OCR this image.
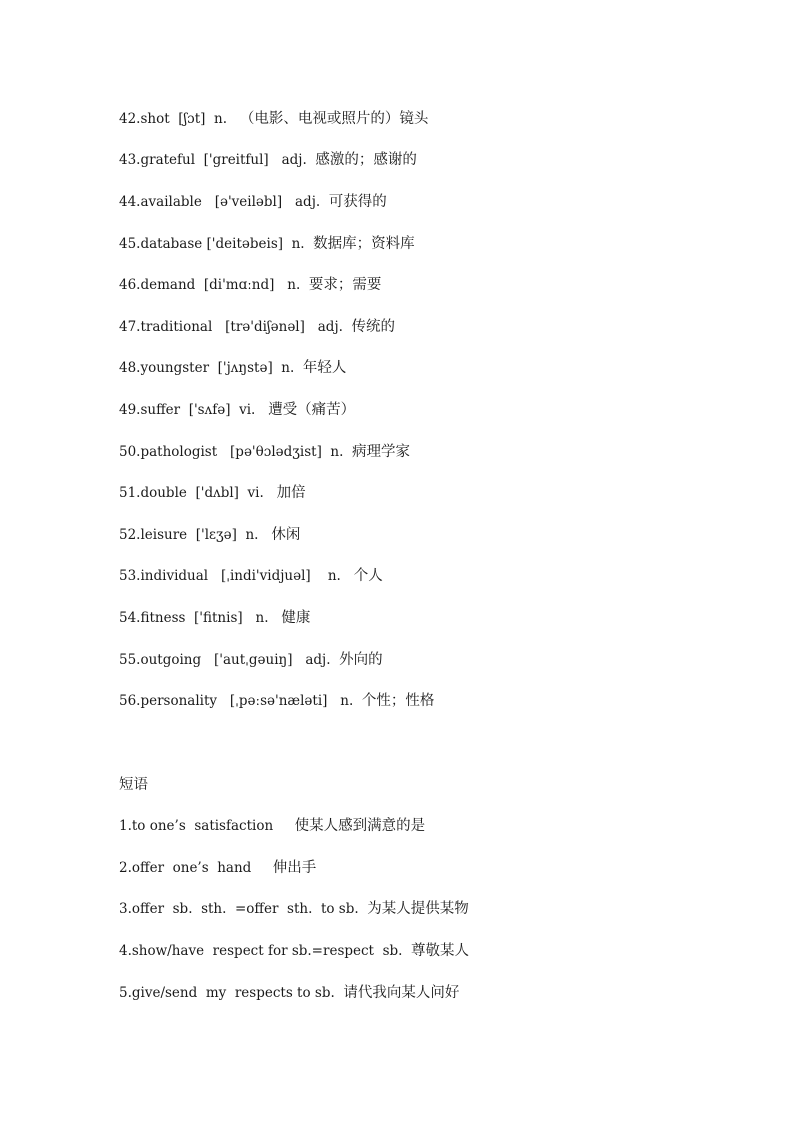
42.shot  [ʃɔt]  n.   （电影、电视或照片的）镜头
43.grateful  ['greitful]   adj.  感激的；感谢的
44.available   [ə'veiləbl]   adj.  可获得的
45.database ['deitəbeis]  n.  数据库；资料库
46.demand  [di'mɑːnd]   n.  要求；需要
47.traditional   [trə'diʃənəl]   adj.  传统的
48.youngster  ['jʌŋstə]  n.  年轻人
49.suffer  ['sʌfə]  vi.   遭受（痛苦）
50.pathologist   [pə'θɔlədʒist]  n.  病理学家
51.double  ['dʌbl]  vi.   加倍
52.leisure  ['lɛʒə]  n.   休闲
53.individual   [ˌindi'vidjuəl]    n.   个人
54.fitness  ['fitnis]   n.   健康
55.outgoing   ['autˌgəuiŋ]   adj.  外向的
56.personality   [ˌpəːsə'næləti]   n.  个性；性格
短语
1.to one’s  satisfaction     使某人感到满意的是
2.offer  one’s  hand     伸出手
3.offer  sb.  sth.  =offer  sth.  to sb.  为某人提供某物
4.show/have  respect for sb.=respect  sb.  尊敬某人
5.give/send  my  respects to sb.  请代我向某人问好
